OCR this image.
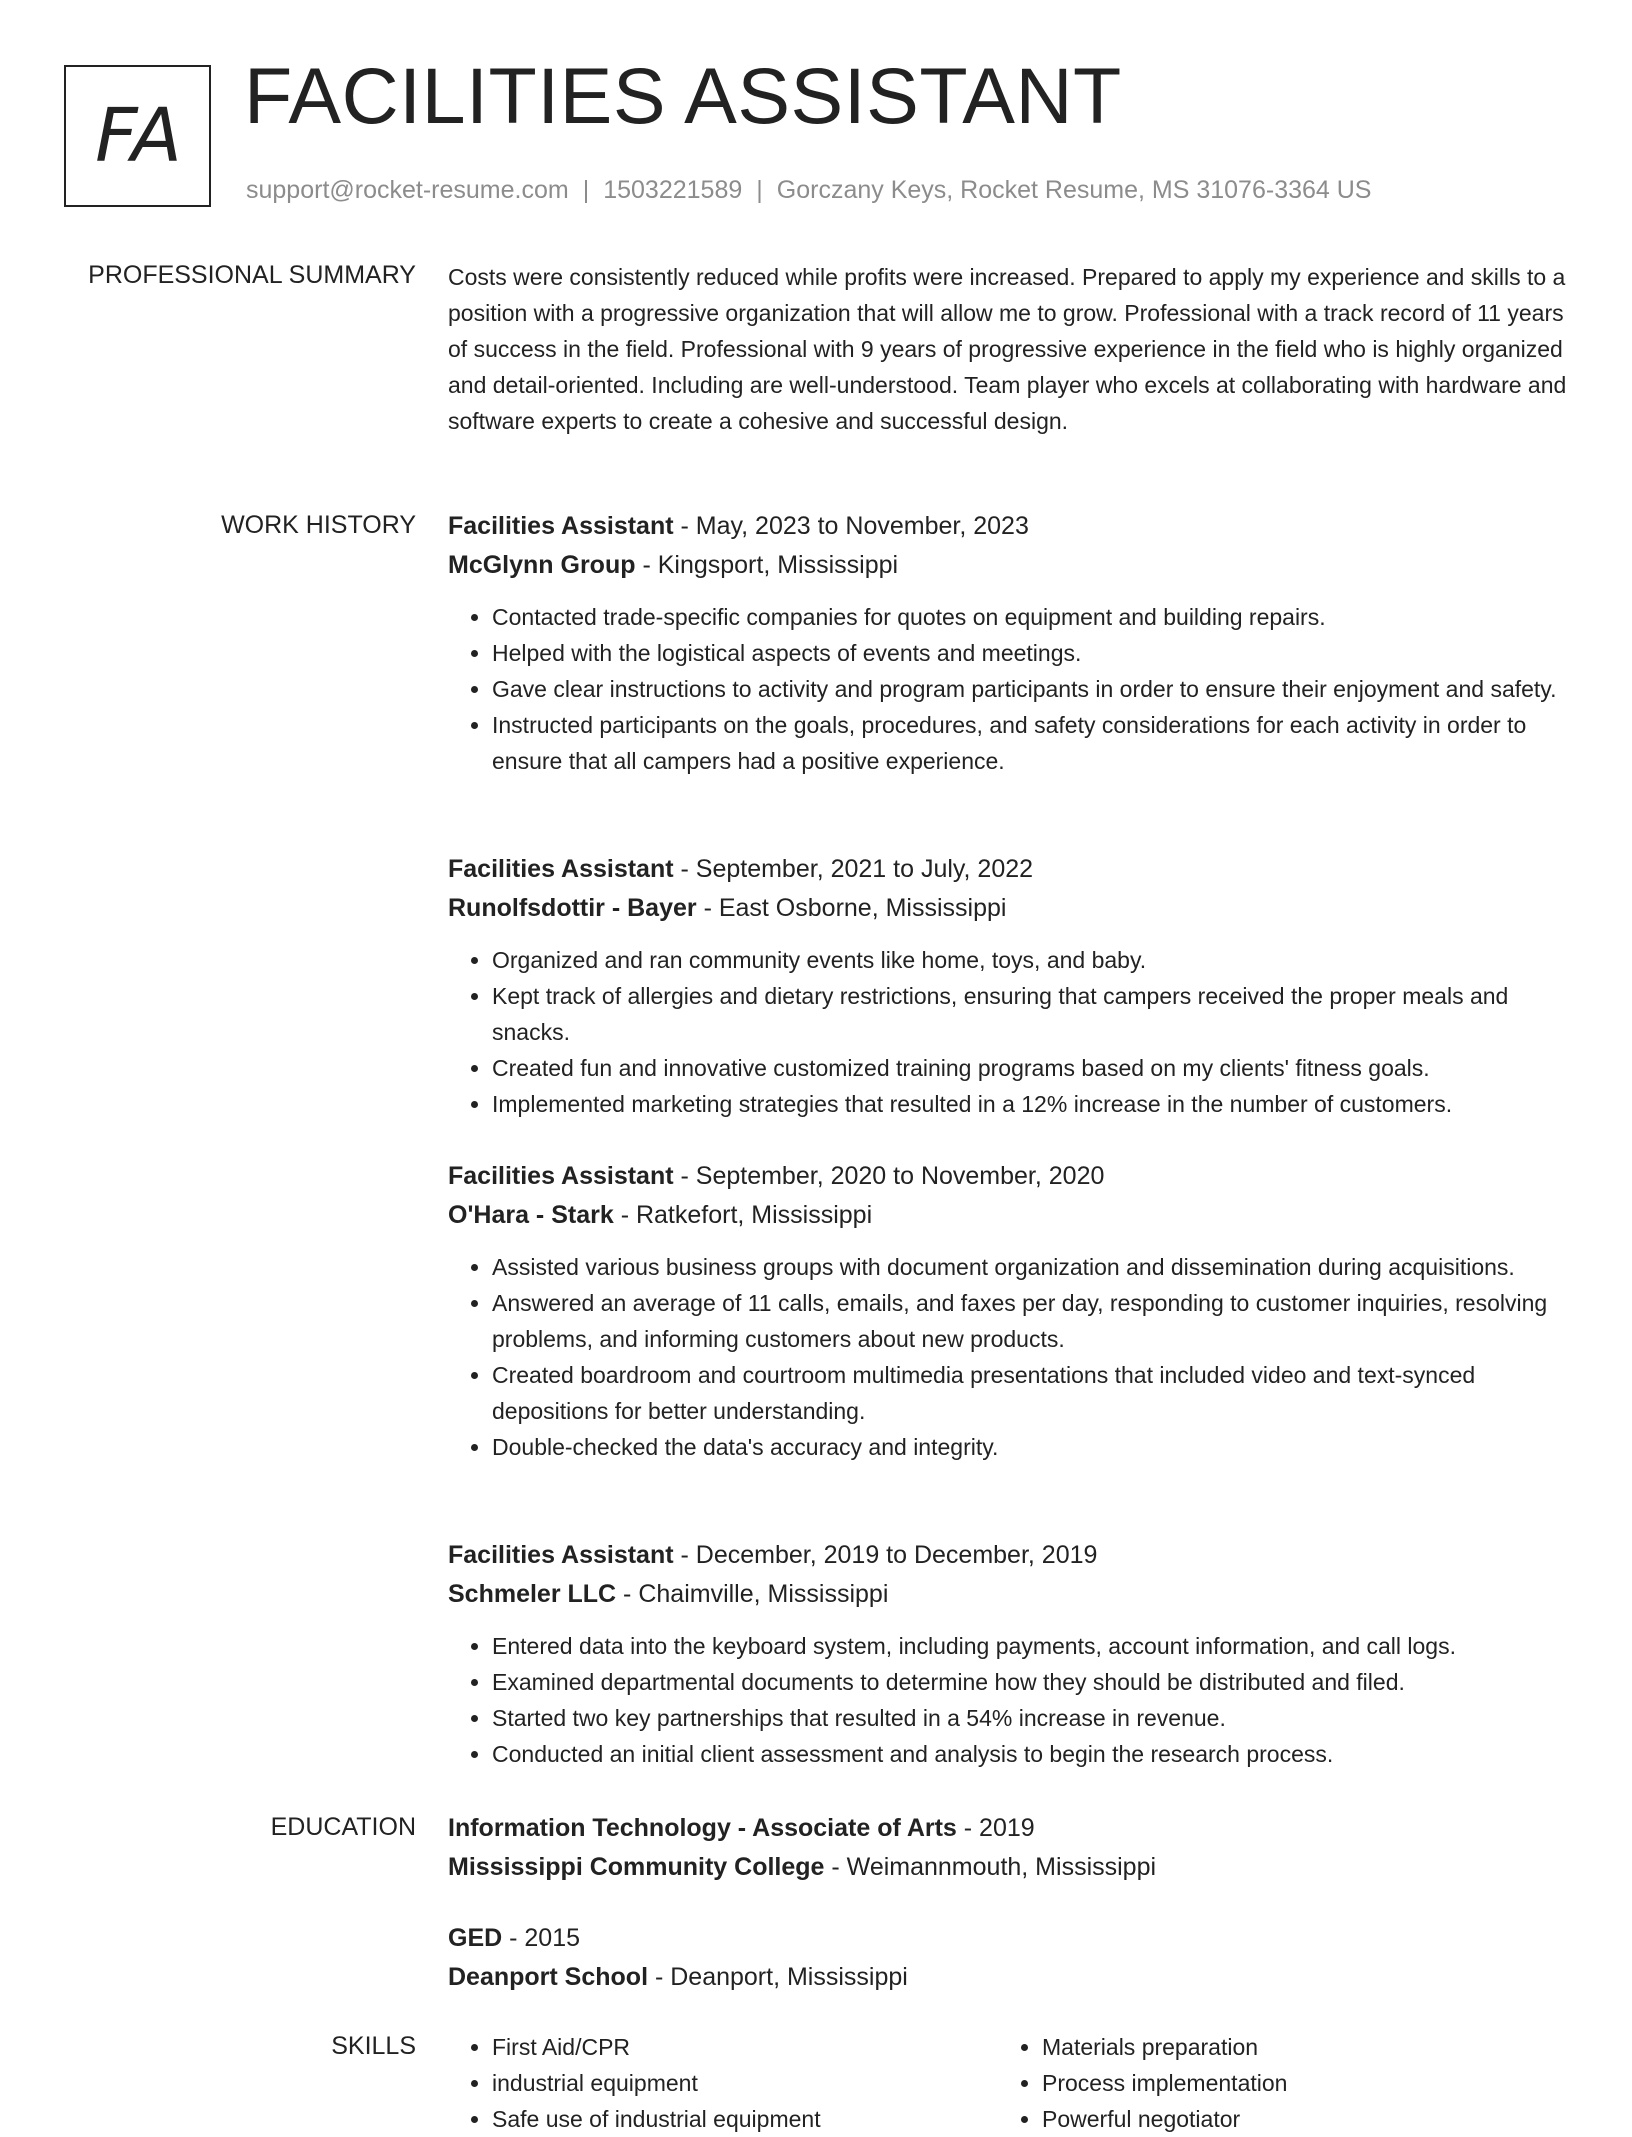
FA FACILITIES ASSISTANT
support@rocket-resume.com | 1503221589 | Gorczany Keys, Rocket Resume, MS 31076-3364 US
PROFESSIONAL SUMMARY Costs were consistently reduced while profits were increased. Prepared to apply my experience and skills to a position with a progressive organization that will allow me to grow. Professional with a track record of 11 years of success in the field. Professional with 9 years of progressive experience in the field who is highly organized and detail-oriented. Including are well-understood. Team player who excels at collaborating with hardware and software experts to create a cohesive and successful design.
WORK HISTORY Facilities Assistant - May, 2023 to November, 2023
McGlynn Group - Kingsport, Mississippi
• Contacted trade-specific companies for quotes on equipment and building repairs.
• Helped with the logistical aspects of events and meetings.
• Gave clear instructions to activity and program participants in order to ensure their enjoyment and safety.
• Instructed participants on the goals, procedures, and safety considerations for each activity in order to ensure that all campers had a positive experience.
Facilities Assistant - September, 2021 to July, 2022
Runolfsdottir - Bayer - East Osborne, Mississippi
• Organized and ran community events like home, toys, and baby.
• Kept track of allergies and dietary restrictions, ensuring that campers received the proper meals and snacks.
• Created fun and innovative customized training programs based on my clients' fitness goals.
• Implemented marketing strategies that resulted in a 12% increase in the number of customers.
Facilities Assistant - September, 2020 to November, 2020
O'Hara - Stark - Ratkefort, Mississippi
• Assisted various business groups with document organization and dissemination during acquisitions.
• Answered an average of 11 calls, emails, and faxes per day, responding to customer inquiries, resolving problems, and informing customers about new products.
• Created boardroom and courtroom multimedia presentations that included video and text-synced depositions for better understanding.
• Double-checked the data's accuracy and integrity.
Facilities Assistant - December, 2019 to December, 2019
Schmeler LLC - Chaimville, Mississippi
• Entered data into the keyboard system, including payments, account information, and call logs.
• Examined departmental documents to determine how they should be distributed and filed.
• Started two key partnerships that resulted in a 54% increase in revenue.
• Conducted an initial client assessment and analysis to begin the research process.
EDUCATION Information Technology - Associate of Arts - 2019
Mississippi Community College - Weimannmouth, Mississippi
GED - 2015
Deanport School - Deanport, Mississippi
SKILLS
•	First Aid/CPR
• industrial equipment
• Safe use of industrial equipment
• Materials preparation
• Process implementation
• Powerful negotiator
